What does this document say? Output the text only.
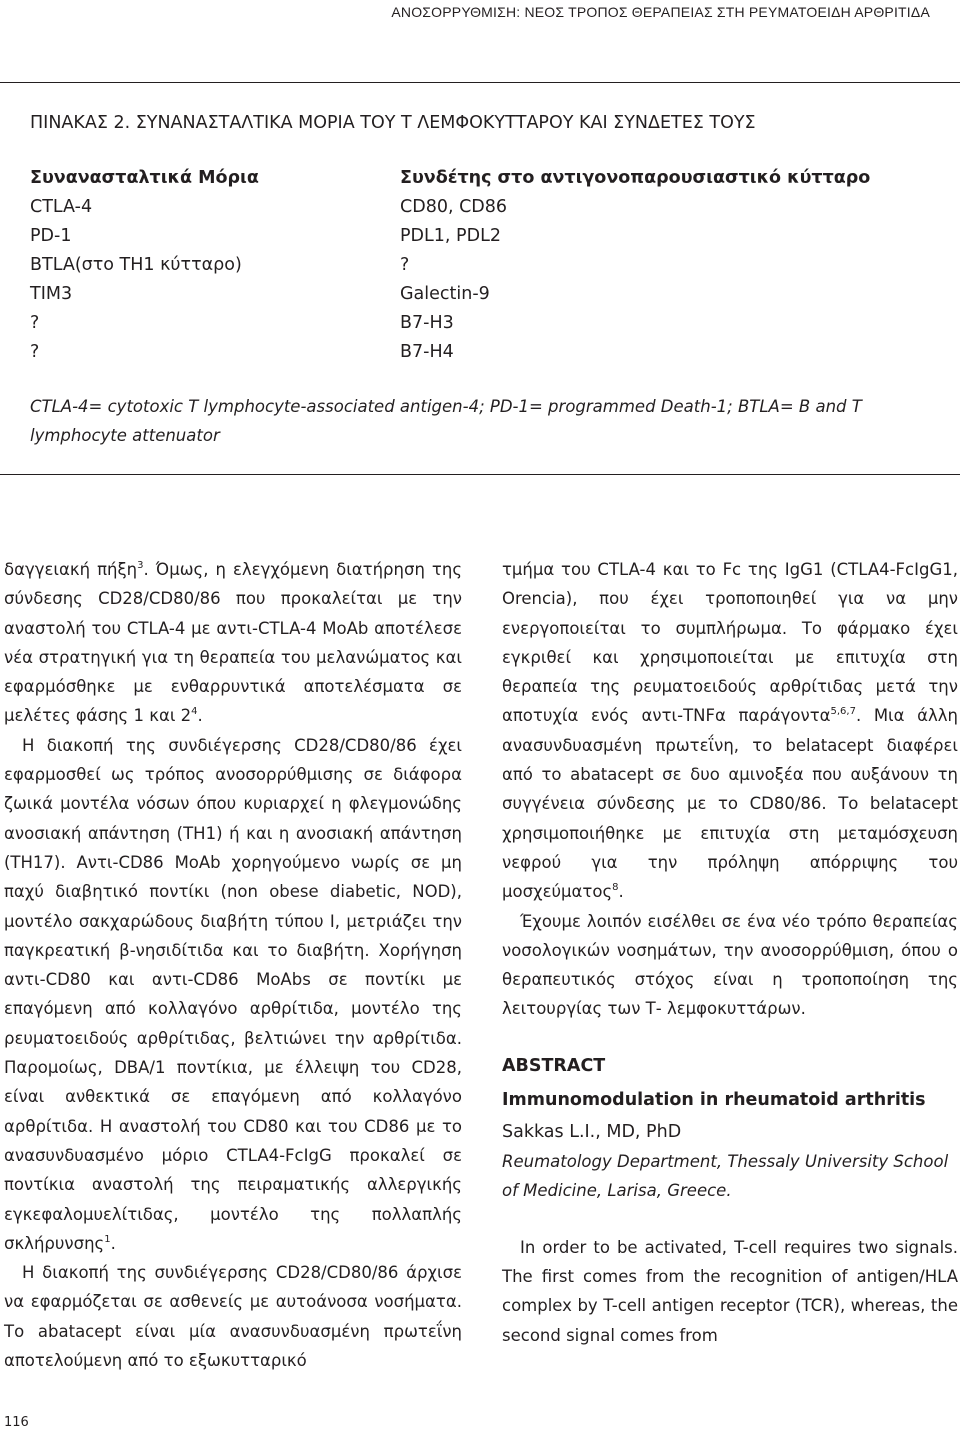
ΑΝΟΣΟΡΡΥΘΜΙΣΗ: ΝΕΟΣ ΤΡΟΠΟΣ ΘΕΡΑΠΕΙΑΣ ΣΤΗ ΡΕΥΜΑΤΟΕΙΔΗ ΑΡΘΡΙΤΙΔΑ
ΠΙΝΑΚΑΣ 2. ΣΥΝΑΝΑΣΤΑΛΤΙΚΑ ΜΟΡΙΑ ΤΟΥ Τ ΛΕΜΦΟΚΥΤΤΑΡΟΥ ΚΑΙ ΣΥΝΔΕΤΕΣ ΤΟΥΣ
Συνανασταλτικά Μόρια
CTLA-4
PD-1
BTLA(στο TH1 κύτταρο)
TIM3
?
?
Συνδέτης στο αντιγονοπαρουσιαστικό κύτταρο
CD80, CD86
PDL1, PDL2
?
Galectin-9
B7-H3
B7-H4
CTLA-4= cytotoxic T lymphocyte-associated antigen-4; PD-1= programmed Death-1; BTLA= B and T lymphocyte attenuator

δαγγειακή πήξη$^3$. Όμως, η ελεγχόμενη διατήρηση της σύνδεσης CD28/CD80/86 που προκαλείται με την αναστολή του CTLA-4 με αντι-CTLA-4 MoAb αποτέλεσε νέα στρατηγική για τη θεραπεία του μελανώματος και εφαρμόσθηκε με ενθαρρυντικά αποτελέσματα σε μελέτες φάσης 1 και $2^4$.

Η διακοπή της συνδιέγερσης CD28/CD80/86 έχει εφαρμοσθεί ως τρόπος ανοσορρύθμισης σε διάφορα ζωικά μοντέλα νόσων όπου κυριαρχεί η φλεγμονώδης ανοσιακή απάντηση (TH1) ή και η ανοσιακή απάντηση (TH17). Αντι-CD86 MoAb χορηγούμενο νωρίς σε μη παχύ διαβητικό ποντίκι (non obese diabetic, NOD), μοντέλο σακχαρώδους διαβήτη τύπου Ι, μετριάζει την παγκρεατική β-νησιδίτιδα και το διαβήτη. Χορήγηση αντι-CD80 και αντι-CD86 MoAbs σε ποντίκι με επαγόμενη από κολλαγόνο αρθρίτιδα, μοντέλο της ρευματοειδούς αρθρίτιδας, βελτιώνει την αρθρίτιδα. Παρομοίως, DBA/1 ποντίκια, με έλλειψη του CD28, είναι ανθεκτικά σε επαγόμενη από κολλαγόνο αρθρίτιδα. Η αναστολή του CD80 και του CD86 με το ανασυνδυασμένο μόριο CTLA4-FcIgG προκαλεί σε ποντίκια αναστολή της πειραματικής αλλεργικής εγκεφαλομυελίτιδας, μοντέλο της πολλαπλής σκλήρυνσης$^1$.

Η διακοπή της συνδιέγερσης CD28/CD80/86 άρχισε να εφαρμόζεται σε ασθενείς με αυτοάνοσα νοσήματα. Το abatacept είναι μία ανασυνδυασμένη πρωτεΐνη αποτελούμενη από το εξωκυτταρικό

τμήμα του CTLA-4 και το Fc της IgG1 (CTLA4-FcIgG1, Orencia), που έχει τροποποιηθεί για να μην ενεργοποιείται το συμπλήρωμα. Το φάρμακο έχει εγκριθεί και χρησιμοποιείται με επιτυχία στη θεραπεία της ρευματοειδούς αρθρίτιδας μετά την αποτυχία ενός αντι-TNFα παράγοντα$^{5,6,7}$. Μια άλλη ανασυνδυασμένη πρωτεΐνη, το belatacept διαφέρει από το abatacept σε δυο αμινοξέα που αυξάνουν τη συγγένεια σύνδεσης με το CD80/86. Το belatacept χρησιμοποιήθηκε με επιτυχία στη μεταμόσχευση νεφρού για την πρόληψη απόρριψης του μοσχεύματος$^8$.

Έχουμε λοιπόν εισέλθει σε ένα νέο τρόπο θεραπείας νοσολογικών νοσημάτων, την ανοσορρύθμιση, όπου ο θεραπευτικός στόχος είναι η τροποποίηση της λειτουργίας των Τ- λεμφοκυττάρων.

ABSTRACT

Immunomodulation in rheumatoid arthritis

Sakkas L.I., MD, PhD

Reumatology Department, Thessaly University School of Medicine, Larisa, Greece.

In order to be activated, T-cell requires two signals. The first comes from the recognition of antigen/HLA complex by T-cell antigen receptor (TCR), whereas, the second signal comes from

116
